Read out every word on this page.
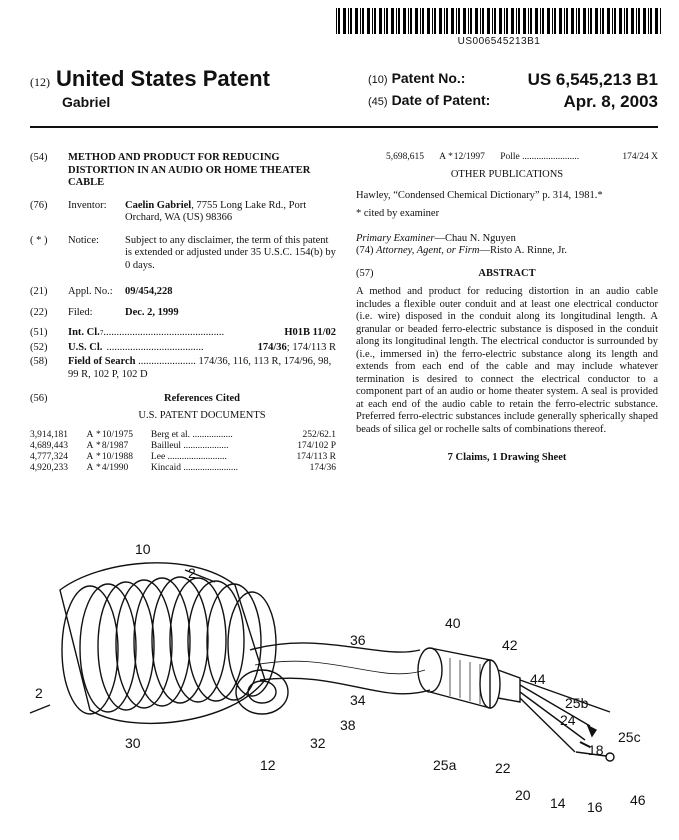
US006545213B1
(12) United States Patent
Gabriel
(10) Patent No.:	US 6,545,213 B1
(45) Date of Patent:	Apr. 8, 2003
(54)	METHOD AND PRODUCT FOR REDUCING DISTORTION IN AN AUDIO OR HOME THEATER CABLE
(76)	Inventor:	Caelin Gabriel, 7755 Long Lake Rd., Port Orchard, WA (US) 98366
( * )	Notice:	Subject to any disclaimer, the term of this patent is extended or adjusted under 35 U.S.C. 154(b) by 0 days.
(21)	Appl. No.:	09/454,228
(22)	Filed:	Dec. 2, 1999
(51)	Int. Cl. 7 ..............................................	H01B 11/02
(52)	U.S. Cl. .....................................	174/36 ; 174/113 R
(58)	Field of Search ...................... 174/36, 116, 113 R, 174/96, 98, 99 R, 102 P, 102 D
(56)	References Cited
U.S. PATENT DOCUMENTS
3,914,181	A	*	10/1975	Berg et al. .................	252/62.1
4,689,443	A	*	8/1987	Bailleul ...................	174/102 P
4,777,324	A	*	10/1988	Lee .........................	174/113 R
4,920,233	A	*	4/1990	Kincaid .......................	174/36
5,698,615	A	*	12/1997	Polle ........................	174/24 X
OTHER PUBLICATIONS
Hawley, “Condensed Chemical Dictionary” p. 314, 1981.*
* cited by examiner
Primary Examiner—Chau N. Nguyen
(74) Attorney, Agent, or Firm—Risto A. Rinne, Jr.
(57)	ABSTRACT
A method and product for reducing distortion in an audio cable includes a flexible outer conduit and at least one electrical conductor (i.e. wire) disposed in the conduit along its longitudinal length. A granular or beaded ferro-electric substance is disposed in the conduit along its longitudinal length. The electrical conductor is surrounded by (i.e., immersed in) the ferro-electric substance along its length and extends from each end of the cable and may include whatever termination is desired to connect the electrical conductor to a component part of an audio or home theater system. A seal is provided at each end of the audio cable to retain the ferro-electric substance. Preferred ferro-electric substances include generally spherically shaped beads of silica gel or rochelle salts of combinations thereof.
7 Claims, 1 Drawing Sheet
10
2
2
30
12
32
38
34
36
40
42
44
25b
24
25c
18
25a	22
20 14 16 46
